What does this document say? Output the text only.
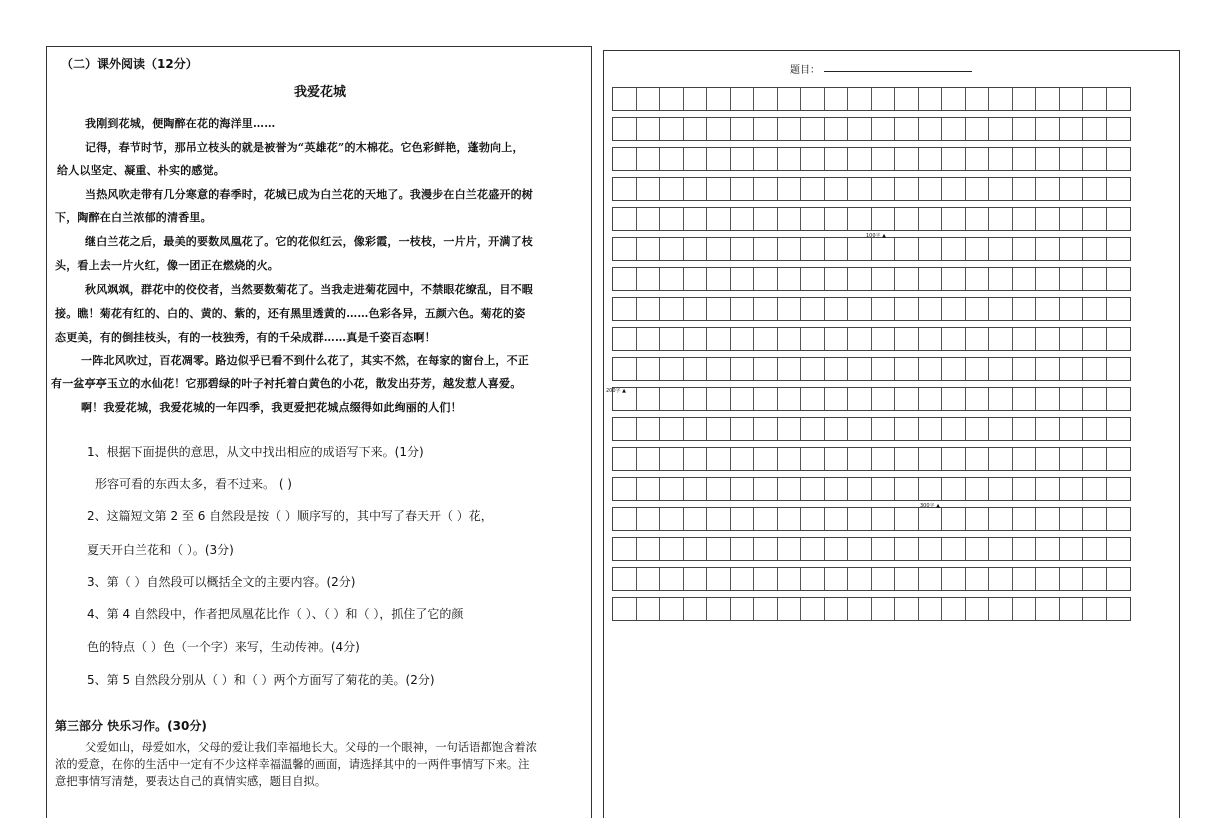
（二）课外阅读（12分）
我爱花城
我刚到花城，便陶醉在花的海洋里……
记得，春节时节，那吊立枝头的就是被誉为“英雄花”的木棉花。它色彩鲜艳，蓬勃向上，
给人以坚定、凝重、朴实的感觉。
当热风吹走带有几分寒意的春季时，花城已成为白兰花的天地了。我漫步在白兰花盛开的树
下，陶醉在白兰浓郁的清香里。
继白兰花之后，最美的要数凤凰花了。它的花似红云，像彩霞，一枝枝，一片片，开满了枝
头，看上去一片火红，像一团正在燃烧的火。
秋风飒飒，群花中的佼佼者，当然要数菊花了。当我走进菊花园中，不禁眼花缭乱，目不暇
接。瞧！菊花有红的、白的、黄的、紫的，还有黑里透黄的……色彩各异，五颜六色。菊花的姿
态更美，有的倒挂枝头，有的一枝独秀，有的千朵成群……真是千姿百态啊！
一阵北风吹过，百花凋零。路边似乎已看不到什么花了，其实不然，在每家的窗台上，不正
有一盆亭亭玉立的水仙花！它那碧绿的叶子衬托着白黄色的小花，散发出芬芳，越发惹人喜爱。
啊！我爱花城，我爱花城的一年四季，我更爱把花城点缀得如此绚丽的人们！
1、根据下面提供的意思，从文中找出相应的成语写下来。(1分)
形容可看的东西太多，看不过来。 ( )
2、这篇短文第 2 至 6 自然段是按（ ）顺序写的，其中写了春天开（ ）花，
夏天开白兰花和（ ）。(3分)
3、第（ ）自然段可以概括全文的主要内容。(2分)
4、第 4 自然段中，作者把凤凰花比作（ ）、（ ）和（ ），抓住了它的颜
色的特点（ ）色（一个字）来写，生动传神。(4分)
5、第 5 自然段分别从（ ）和（ ）两个方面写了菊花的美。(2分)
第三部分 快乐习作。(30分)
父爱如山，母爱如水，父母的爱让我们幸福地长大。父母的一个眼神，一句话语都饱含着浓
浓的爱意，在你的生活中一定有不少这样幸福温馨的画面，请选择其中的一两件事情写下来。注
意把事情写清楚，要表达自己的真情实感，题目自拟。
题目：
100字 ▲
200字 ▲
300字 ▲
